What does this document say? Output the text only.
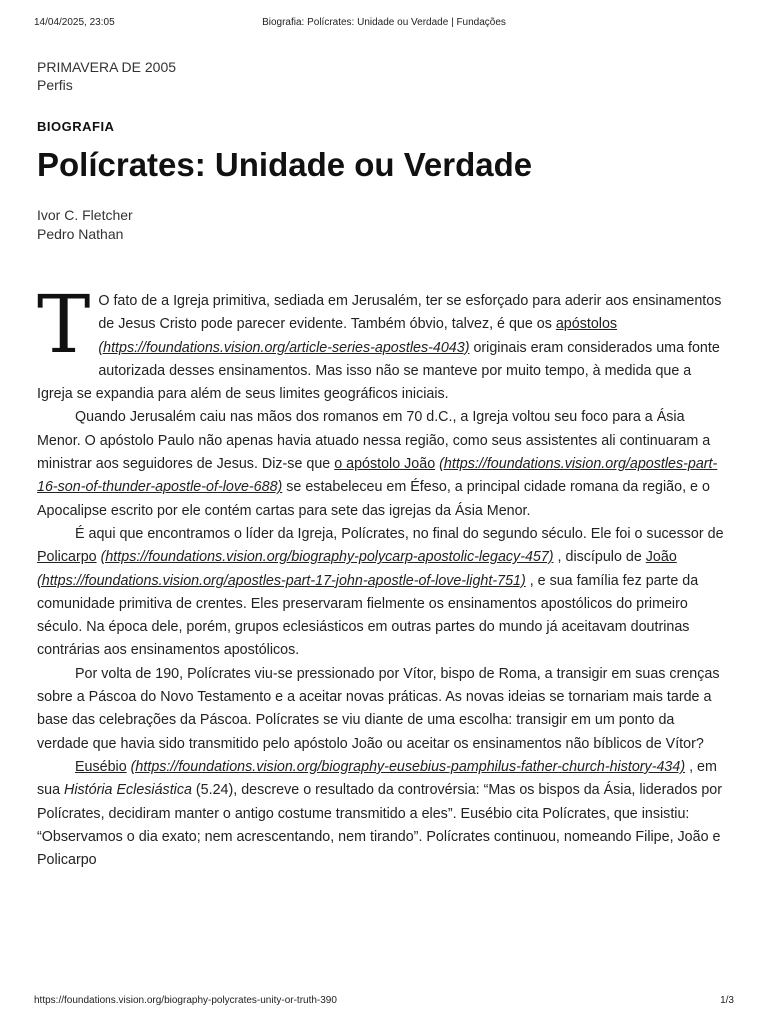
14/04/2025, 23:05	Biografia: Polícrates: Unidade ou Verdade | Fundações
PRIMAVERA DE 2005
Perfis
BIOGRAFIA
Polícrates: Unidade ou Verdade
Ivor C. Fletcher
Pedro Nathan

T O fato de a Igreja primitiva, sediada em Jerusalém, ter se esforçado para aderir aos ensinamentos de Jesus Cristo pode parecer evidente. Também óbvio, talvez, é que os apóstolos (https://foundations.vision.org/article-series-apostles-4043) originais eram considerados uma fonte autorizada desses ensinamentos. Mas isso não se manteve por muito tempo, à medida que a Igreja se expandia para além de seus limites geográficos iniciais.

Quando Jerusalém caiu nas mãos dos romanos em 70 d.C., a Igreja voltou seu foco para a Ásia Menor. O apóstolo Paulo não apenas havia atuado nessa região, como seus assistentes ali continuaram a ministrar aos seguidores de Jesus. Diz-se que o apóstolo João (https://foundations.vision.org/apostles-part-16-son-of-thunder-apostle-of-love-688) se estabeleceu em Éfeso, a principal cidade romana da região, e o Apocalipse escrito por ele contém cartas para sete das igrejas da Ásia Menor.

É aqui que encontramos o líder da Igreja, Polícrates, no final do segundo século. Ele foi o sucessor de Policarpo (https://foundations.vision.org/biography-polycarp-apostolic-legacy-457) , discípulo de João (https://foundations.vision.org/apostles-part-17-john-apostle-of-love-light-751) , e sua família fez parte da comunidade primitiva de crentes. Eles preservaram fielmente os ensinamentos apostólicos do primeiro século. Na época dele, porém, grupos eclesiásticos em outras partes do mundo já aceitavam doutrinas contrárias aos ensinamentos apostólicos.

Por volta de 190, Polícrates viu-se pressionado por Vítor, bispo de Roma, a transigir em suas crenças sobre a Páscoa do Novo Testamento e a aceitar novas práticas. As novas ideias se tornariam mais tarde a base das celebrações da Páscoa. Polícrates se viu diante de uma escolha: transigir em um ponto da verdade que havia sido transmitido pelo apóstolo João ou aceitar os ensinamentos não bíblicos de Vítor?

Eusébio (https://foundations.vision.org/biography-eusebius-pamphilus-father-church-history-434) , em sua História Eclesiástica (5.24), descreve o resultado da controvérsia: “Mas os bispos da Ásia, liderados por Polícrates, decidiram manter o antigo costume transmitido a eles”. Eusébio cita Polícrates, que insistiu: “Observamos o dia exato; nem acrescentando, nem tirando”. Polícrates continuou, nomeando Filipe, João e Policarpo

https://foundations.vision.org/biography-polycrates-unity-or-truth-390	1/3
